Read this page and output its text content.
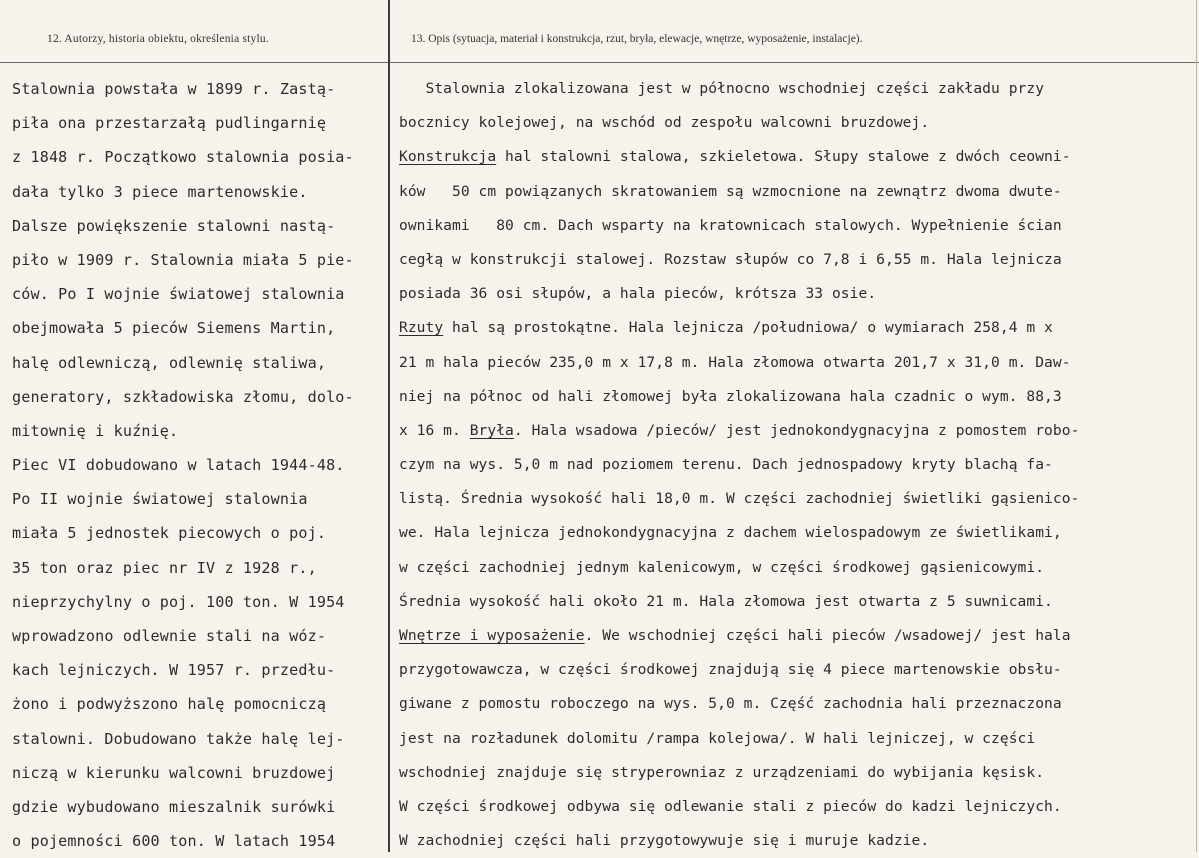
12. Autorzy, historia obiektu, określenia stylu.	13. Opis (sytuacja, materiał i konstrukcja, rzut, bryła, elewacje, wnętrze, wyposażenie, instalacje).
Stalownia powstała w 1899 r. Zastą-
piła ona przestarzałą pudlingarnię
z 1848 r. Początkowo stalownia posia-
dała tylko 3 piece martenowskie.
Dalsze powiększenie stalowni nastą-
piło w 1909 r. Stalownia miała 5 pie-
ców. Po I wojnie światowej stalownia
obejmowała 5 pieców Siemens Martin,
halę odlewniczą, odlewnię staliwa,
generatory, szkładowiska złomu, dolo-
mitownię i kuźnię.
Piec VI dobudowano w latach 1944-48.
Po II wojnie światowej stalownia
miała 5 jednostek piecowych o poj.
35 ton oraz piec nr IV z 1928 r.,
nieprzychylny o poj. 100 ton. W 1954
wprowadzono odlewnie stali na wóz-
kach lejniczych. W 1957 r. przedłu-
żono i podwyższono halę pomocniczą
stalowni. Dobudowano także halę lej-
niczą w kierunku walcowni bruzdowej
gdzie wybudowano mieszalnik surówki
o pojemności 600 ton. W latach 1954
Stalownia zlokalizowana jest w północno wschodniej części zakładu przy
bocznicy kolejowej, na wschód od zespołu walcowni bruzdowej.
Konstrukcja hal stalowni stalowa, szkieletowa. Słupy stalowe z dwóch ceowni-
ków   50 cm powiązanych skratowaniem są wzmocnione na zewnątrz dwoma dwute-
ownikami   80 cm. Dach wsparty na kratownicach stalowych. Wypełnienie ścian
cegłą w konstrukcji stalowej. Rozstaw słupów co 7,8 i 6,55 m. Hala lejnicza
posiada 36 osi słupów, a hala pieców, krótsza 33 osie.
Rzuty hal są prostokątne. Hala lejnicza /południowa/ o wymiarach 258,4 m x
21 m hala pieców 235,0 m x 17,8 m. Hala złomowa otwarta 201,7 x 31,0 m. Daw-
niej na północ od hali złomowej była zlokalizowana hala czadnic o wym. 88,3
x 16 m. Bryła. Hala wsadowa /pieców/ jest jednokondygnacyjna z pomostem robo-
czym na wys. 5,0 m nad poziomem terenu. Dach jednospadowy kryty blachą fa-
listą. Średnia wysokość hali 18,0 m. W części zachodniej świetliki gąsienico-
we. Hala lejnicza jednokondygnacyjna z dachem wielospadowym ze świetlikami,
w części zachodniej jednym kalenicowym, w części środkowej gąsienicowymi.
Średnia wysokość hali około 21 m. Hala złomowa jest otwarta z 5 suwnicami.
Wnętrze i wyposażenie. We wschodniej części hali pieców /wsadowej/ jest hala
przygotowawcza, w części środkowej znajdują się 4 piece martenowskie obsłu-
giwane z pomostu roboczego na wys. 5,0 m. Część zachodnia hali przeznaczona
jest na rozładunek dolomitu /rampa kolejowa/. W hali lejniczej, w części
wschodniej znajduje się stryperowniaz z urządzeniami do wybijania kęsisk.
W części środkowej odbywa się odlewanie stali z pieców do kadzi lejniczych.
W zachodniej części hali przygotowywuje się i muruje kadzie.
